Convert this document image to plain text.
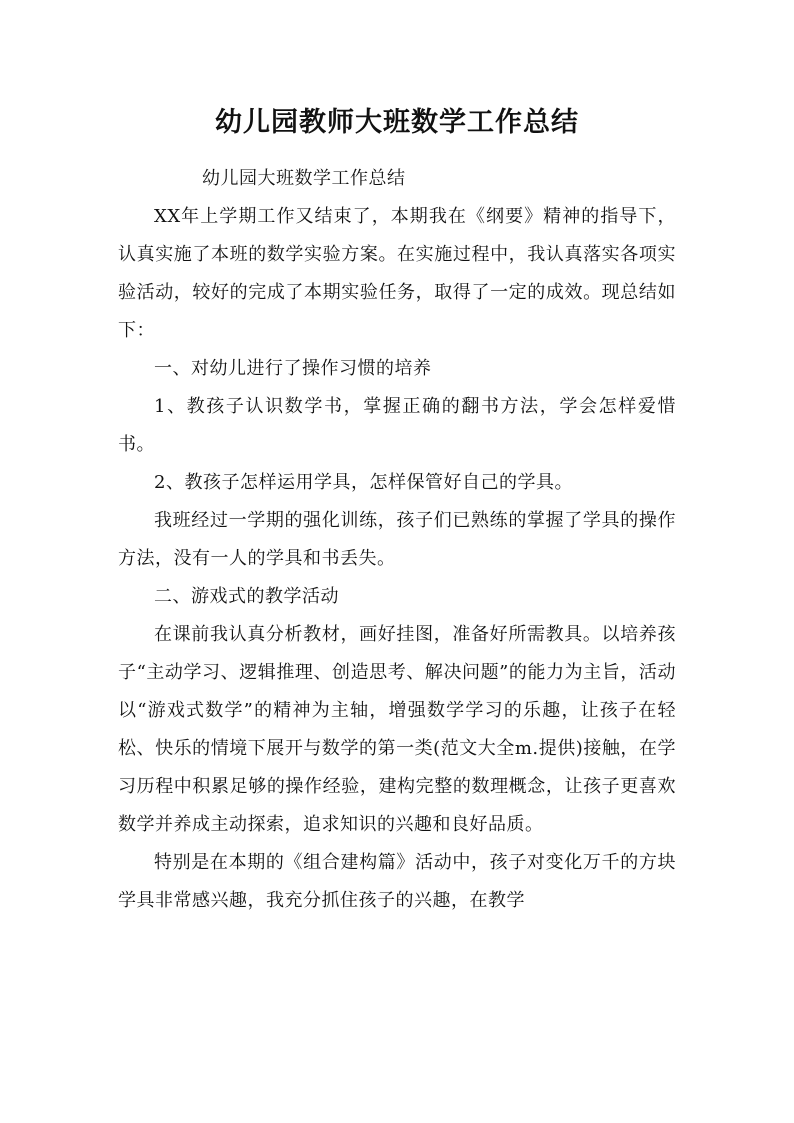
幼儿园教师大班数学工作总结

幼儿园大班数学工作总结

XX年上学期工作又结束了，本期我在《纲要》精神的指导下，认真实施了本班的数学实验方案。在实施过程中，我认真落实各项实验活动，较好的完成了本期实验任务，取得了一定的成效。现总结如下：

一、对幼儿进行了操作习惯的培养

1、教孩子认识数学书，掌握正确的翻书方法，学会怎样爱惜书。

2、教孩子怎样运用学具，怎样保管好自己的学具。

我班经过一学期的强化训练，孩子们已熟练的掌握了学具的操作方法，没有一人的学具和书丢失。

二、游戏式的教学活动

在课前我认真分析教材，画好挂图，准备好所需教具。以培养孩子“主动学习、逻辑推理、创造思考、解决问题”的能力为主旨，活动以“游戏式数学”的精神为主轴，增强数学学习的乐趣，让孩子在轻松、快乐的情境下展开与数学的第一类(范文大全m.提供)接触，在学习历程中积累足够的操作经验，建构完整的数理概念，让孩子更喜欢数学并养成主动探索，追求知识的兴趣和良好品质。

特别是在本期的《组合建构篇》活动中，孩子对变化万千的方块学具非常感兴趣，我充分抓住孩子的兴趣，在教学
